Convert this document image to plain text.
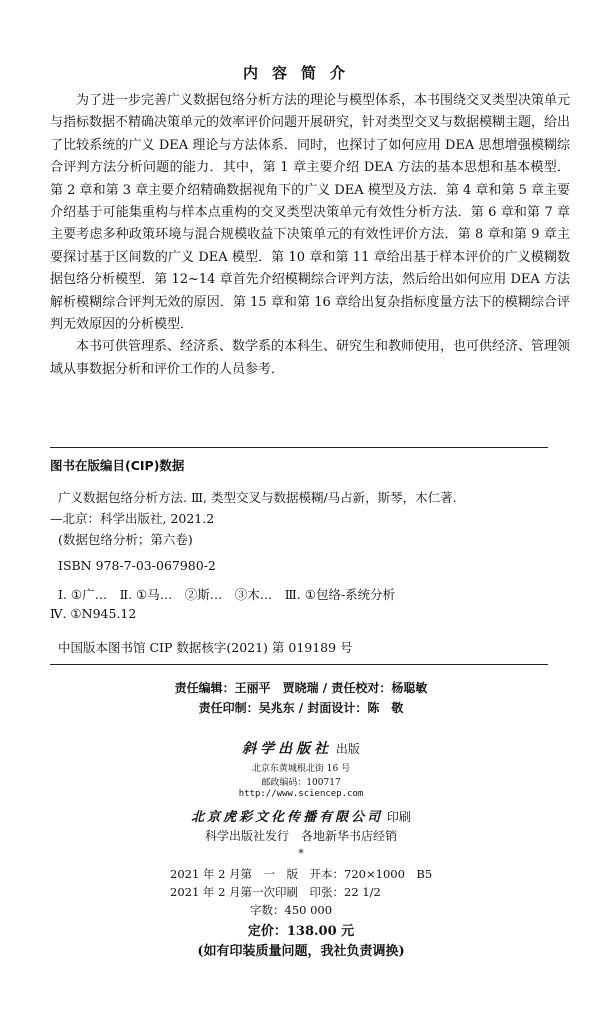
内容简介

为了进一步完善广义数据包络分析方法的理论与模型体系，本书围绕交叉类型决策单元与指标数据不精确决策单元的效率评价问题开展研究，针对类型交叉与数据模糊主题，给出了比较系统的广义 DEA 理论与方法体系．同时，也探讨了如何应用 DEA 思想增强模糊综合评判方法分析问题的能力．其中，第 1 章主要介绍 DEA 方法的基本思想和基本模型．第 2 章和第 3 章主要介绍精确数据视角下的广义 DEA 模型及方法．第 4 章和第 5 章主要介绍基于可能集重构与样本点重构的交叉类型决策单元有效性分析方法．第 6 章和第 7 章主要考虑多种政策环境与混合规模收益下决策单元的有效性评价方法．第 8 章和第 9 章主要探讨基于区间数的广义 DEA 模型．第 10 章和第 11 章给出基于样本评价的广义模糊数据包络分析模型．第 12~14 章首先介绍模糊综合评判方法，然后给出如何应用 DEA 方法解析模糊综合评判无效的原因．第 15 章和第 16 章给出复杂指标度量方法下的模糊综合评判无效原因的分析模型．

本书可供管理系、经济系、数学系的本科生、研究生和教师使用，也可供经济、管理领域从事数据分析和评价工作的人员参考．

图书在版编目(CIP)数据
广义数据包络分析方法. Ⅲ, 类型交叉与数据模糊/马占新，斯琴，木仁著.
—北京：科学出版社, 2021.2
(数据包络分析；第六卷)
ISBN 978-7-03-067980-2
Ⅰ. ①广…　Ⅱ. ①马…　②斯…　③木…　Ⅲ. ①包络-系统分析
Ⅳ. ①N945.12
中国版本图书馆 CIP 数据核字(2021) 第 019189 号
责任编辑：王丽平　贾晓瑞 / 责任校对：杨聪敏
责任印制：吴兆东 / 封面设计：陈　敬
斜学出版社 出版
北京东黄城根北街 16 号
邮政编码：100717
http://www.sciencep.com
北京虎彩文化传播有限公司 印刷
科学出版社发行　各地新华书店经销
*
2021 年 2 月第　一　版　开本：720×1000　B5
2021 年 2 月第一次印刷　印张：22 1/2
字数：450 000
定价：138.00 元
(如有印装质量问题，我社负责调换)
